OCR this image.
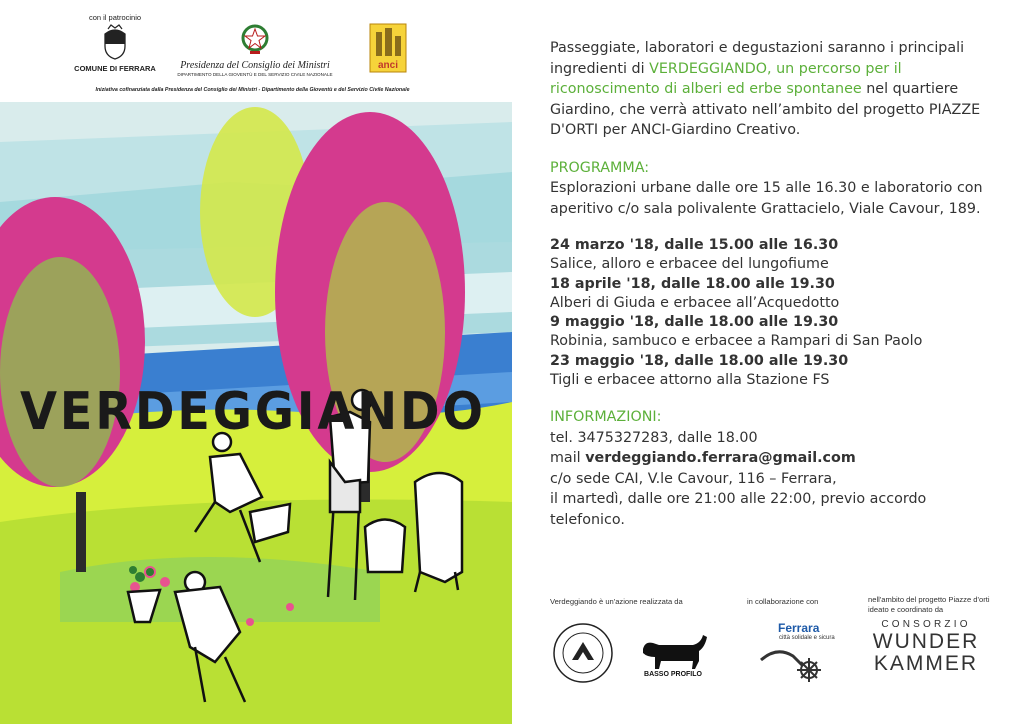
con il patrocinio
COMUNE DI FERRARA	Presidenza del Consiglio dei Ministri
DIPARTIMENTO DELLA GIOVENTÙ E DEL SERVIZIO CIVILE NAZIONALE
anci
Iniziativa cofinanziata dalla Presidenza del Consiglio dei Ministri - Dipartimento della Gioventù e del Servizio Civile Nazionale
VERDEGGIANDO

Passeggiate, laboratori e degustazioni saranno i principali ingredienti di VERDEGGIANDO, un percorso per il riconoscimento di alberi ed erbe spontanee nel quartiere Giardino, che verrà attivato nell’ambito del progetto PIAZZE D'ORTI per ANCI-Giardino Creativo.

PROGRAMMA:

Esplorazioni urbane dalle ore 15 alle 16.30 e laboratorio con aperitivo c/o sala polivalente Grattacielo, Viale Cavour, 189.

24 marzo '18, dalle 15.00 alle 16.30
Salice, alloro e erbacee del lungofiume
18 aprile '18, dalle 18.00 alle 19.30
Alberi di Giuda e erbacee all’Acquedotto
9 maggio '18, dalle 18.00 alle 19.30
Robinia, sambuco e erbacee a Rampari di San Paolo
23 maggio '18, dalle 18.00 alle 19.30
Tigli e erbacee attorno alla Stazione FS
INFORMAZIONI:
tel. 3475327283, dalle 18.00
mail verdeggiando.ferrara@gmail.com
c/o sede CAI, V.le Cavour, 116 – Ferrara,
il martedì, dalle ore 21:00 alle 22:00, previo accordo telefonico.
Verdeggiando è un'azione realizzata da	in collaborazione con	nell'ambito del progetto Piazze d'orti ideato e coordinato da
BASSO PROFILO
Ferrara
città solidale e sicura
CONSORZIO
WUNDER
KAMMER
